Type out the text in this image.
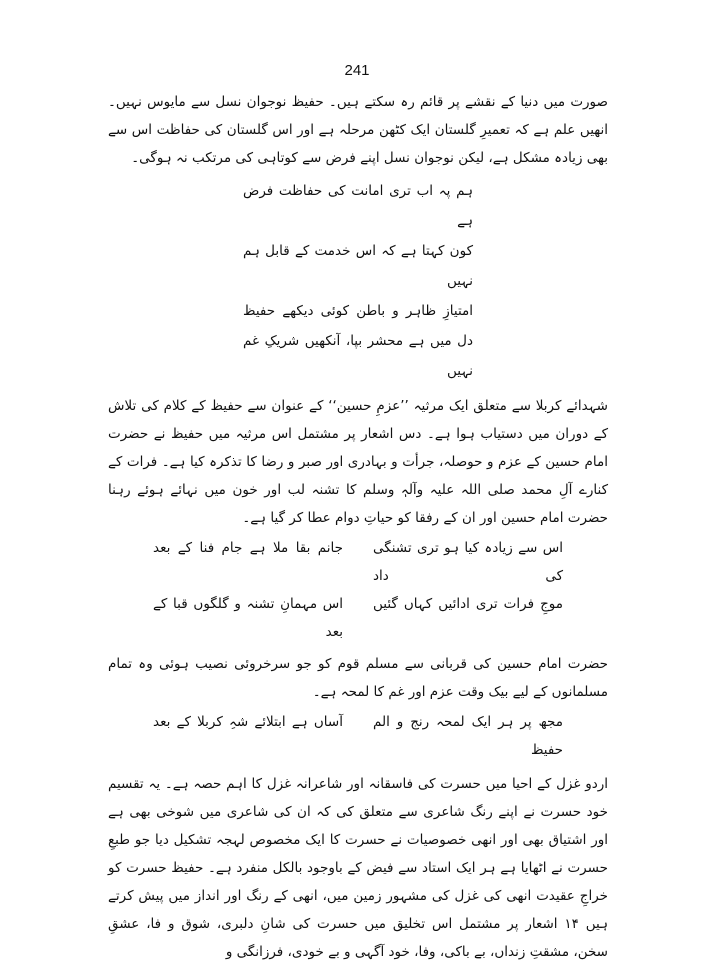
241

صورت میں دنیا کے نقشے پر قائم رہ سکتے ہیں۔ حفیظ نوجوان نسل سے مایوس نہیں۔ انھیں علم ہے کہ تعمیرِ گلستان ایک کٹھن مرحلہ ہے اور اس گلستان کی حفاظت اس سے بھی زیادہ مشکل ہے، لیکن نوجوان نسل اپنے فرض سے کوتاہی کی مرتکب نہ ہوگی۔

ہم پہ اب تری امانت کی حفاظت فرض ہے
کون کہتا ہے کہ اس خدمت کے قابل ہم نہیں
امتیازِ ظاہر و باطن کوئی دیکھے حفیظ
دل میں ہے محشر بپا، آنکھیں شریکِ غم نہیں

شہدائے کربلا سے متعلق ایک مرثیہ ’’عزمِ حسین‘‘ کے عنوان سے حفیظ کے کلام کی تلاش کے دوران میں دستیاب ہوا ہے۔ دس اشعار پر مشتمل اس مرثیہ میں حفیظ نے حضرت امام حسین کے عزم و حوصلہ، جرأت و بہادری اور صبر و رضا کا تذکرہ کیا ہے۔ فرات کے کنارے آلِ محمد صلی اللہ علیہ وآلہٖ وسلم کا تشنہ لب اور خون میں نہائے ہوئے رہنا حضرت امام حسین اور ان کے رفقا کو حیاتِ دوام عطا کر گیا ہے۔

اس سے زیادہ کیا ہو تری تشنگی کی داد
جانم بقا ملا ہے جام فنا کے بعد
موجِ فرات تری ادائیں کہاں گئیں
اس مہمانِ تشنہ و گلگوں قبا کے بعد

حضرت امام حسین کی قربانی سے مسلم قوم کو جو سرخروئی نصیب ہوئی وہ تمام مسلمانوں کے لیے بیک وقت عزم اور غم کا لمحہ ہے۔

مجھ پر ہر ایک لمحہ رنج و الم حفیظ
آساں ہے ابتلائے شہِ کربلا کے بعد

اردو غزل کے احیا میں حسرت کی فاسقانہ اور شاعرانہ غزل کا اہم حصہ ہے۔ یہ تقسیم خود حسرت نے اپنے رنگ شاعری سے متعلق کی کہ ان کی شاعری میں شوخی بھی ہے اور اشتیاق بھی اور انھی خصوصیات نے حسرت کا ایک مخصوص لہجہ تشکیل دیا جو طبعِ حسرت نے اٹھایا ہے ہر ایک استاد سے فیض کے باوجود بالکل منفرد ہے۔ حفیظ حسرت کو خراجِ عقیدت انھی کی غزل کی مشہور زمین میں، انھی کے رنگ اور انداز میں پیش کرتے ہیں ۱۴ اشعار پر مشتمل اس تخلیق میں حسرت کی شانِ دلبری، شوق و فا، عشقِ سخن، مشقتِ زنداں، بے باکی، وفا، خود آگہی و بے خودی، فرزانگی و
